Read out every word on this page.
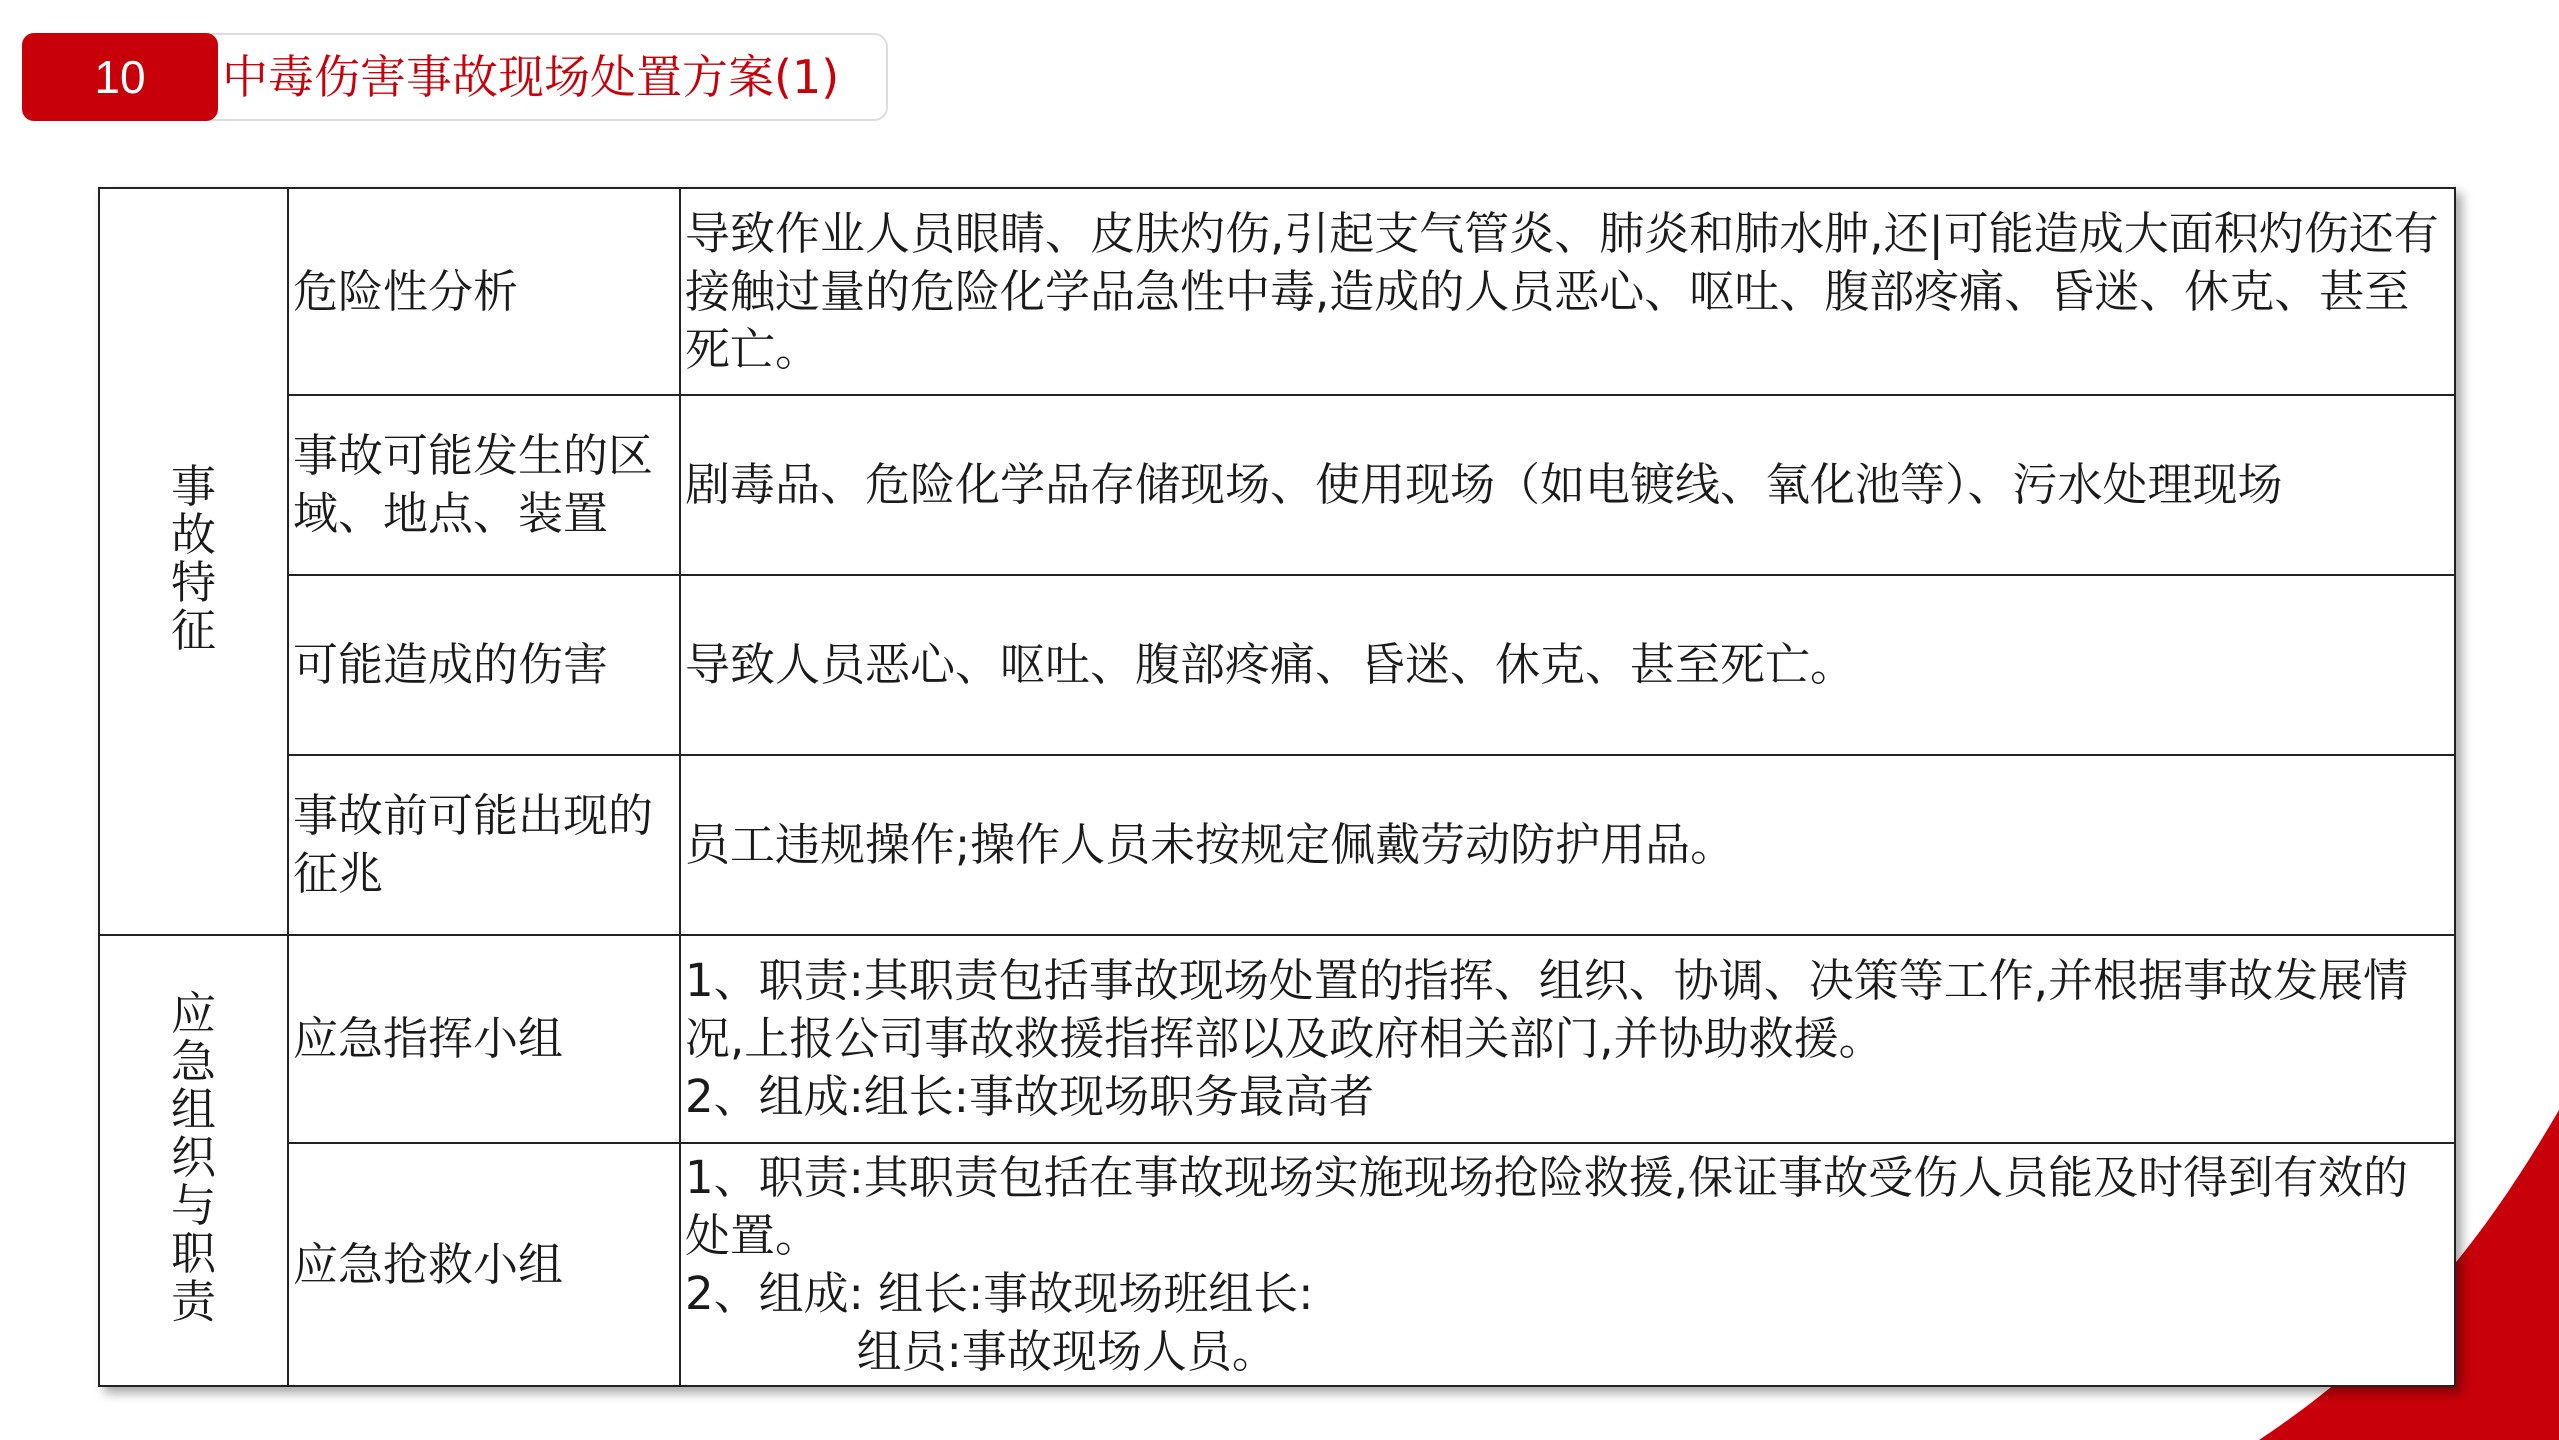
10	中毒伤害事故现场处置方案(1)
事故特征	危险性分析	导致作业人员眼睛、皮肤灼伤,引起支气管炎、肺炎和肺水肿,还|可能造成大面积灼伤还有接触过量的危险化学品急性中毒,造成的人员恶心、呕吐、腹部疼痛、昏迷、休克、甚至死亡。

	事故可能发生的区域、地点、装置	剧毒品、危险化学品存储现场、使用现场（如电镀线、氧化池等）、污水处理现场

	可能造成的伤害	导致人员恶心、呕吐、腹部疼痛、昏迷、休克、甚至死亡。

	事故前可能出现的征兆	员工违规操作;操作人员未按规定佩戴劳动防护用品。

应急组织与职责	应急指挥小组	1、职责:其职责包括事故现场处置的指挥、组织、协调、决策等工作,并根据事故发展情况,上报公司事故救援指挥部以及政府相关部门,并协助救援。
2、组成:组长:事故现场职务最高者

	应急抢救小组	1、职责:其职责包括在事故现场实施现场抢险救援,保证事故受伤人员能及时得到有效的处置。
2、组成: 组长:事故现场班组长:
组员:事故现场人员。
